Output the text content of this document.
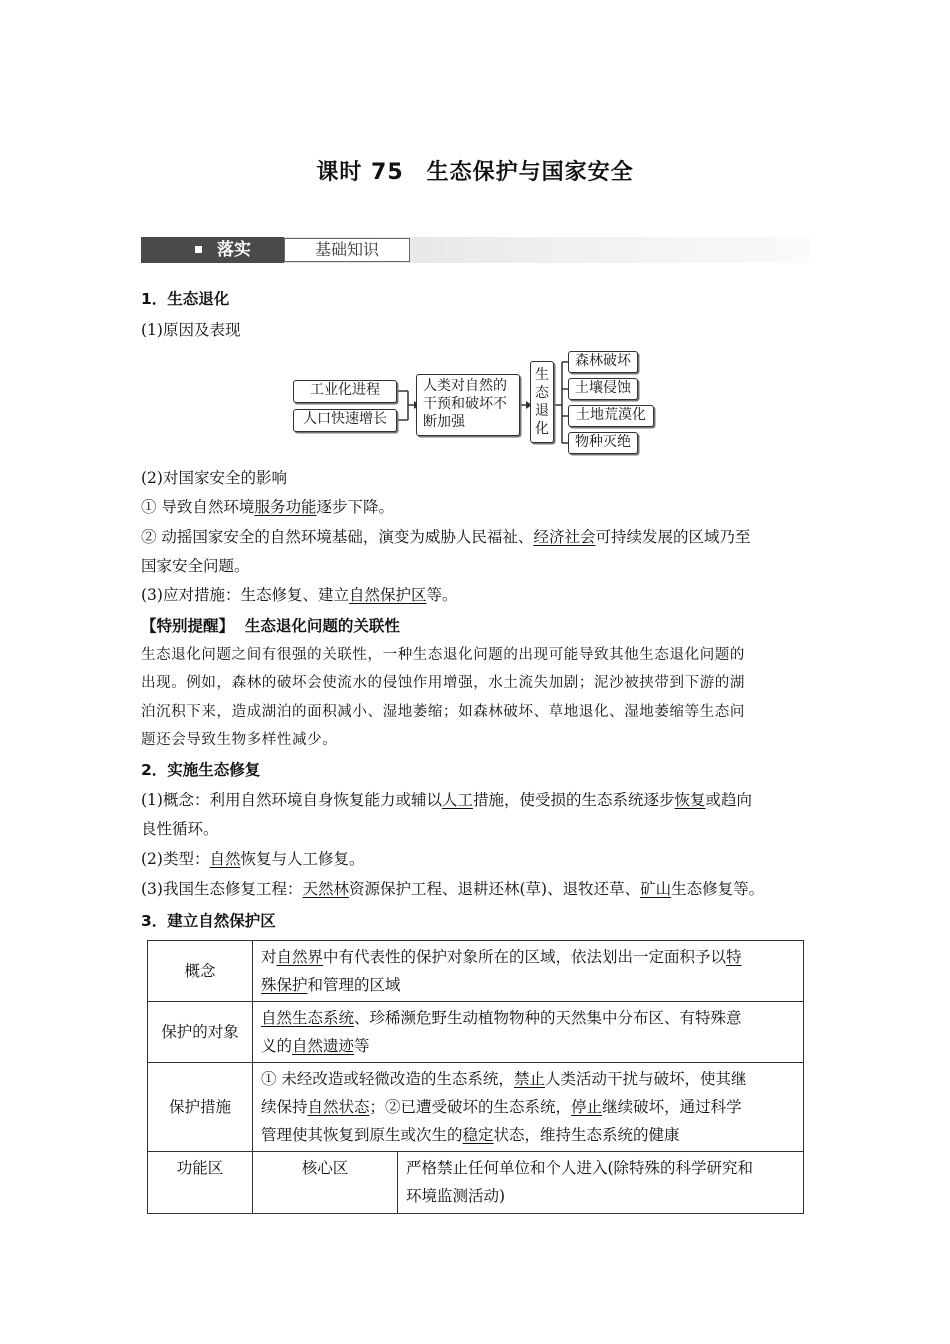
课时 75　生态保护与国家安全
落实	基础知识
1．生态退化
(1)原因及表现
工业化进程
人口快速增长
人类对自然的
干预和破坏不
断加强
生
态
退
化
森林破坏
土壤侵蚀
土地荒漠化
物种灭绝
(2)对国家安全的影响
① 导致自然环境服务功能逐步下降。
② 动摇国家安全的自然环境基础，演变为威胁人民福祉、经济社会可持续发展的区域乃至
国家安全问题。
(3)应对措施：生态修复、建立自然保护区等。
【特别提醒】 生态退化问题的关联性
生态退化问题之间有很强的关联性，一种生态退化问题的出现可能导致其他生态退化问题的
出现。例如，森林的破坏会使流水的侵蚀作用增强，水土流失加剧；泥沙被挟带到下游的湖
泊沉积下来，造成湖泊的面积减小、湿地萎缩；如森林破坏、草地退化、湿地萎缩等生态问
题还会导致生物多样性减少。
2．实施生态修复
(1)概念：利用自然环境自身恢复能力或辅以人工措施，使受损的生态系统逐步恢复或趋向
良性循环。
(2)类型：自然恢复与人工修复。
(3)我国生态修复工程：天然林资源保护工程、退耕还林(草)、退牧还草、矿山生态修复等。
3．建立自然保护区
概念	对自然界中有代表性的保护对象所在的区域，依法划出一定面积予以特
殊保护和管理的区域	
保护的对象	自然生态系统、珍稀濒危野生动植物物种的天然集中分布区、有特殊意
义的自然遗迹等	
保护措施	① 未经改造或轻微改造的生态系统，禁止人类活动干扰与破坏，使其继
续保持自然状态；②已遭受破坏的生态系统，停止继续破坏，通过科学
管理使其恢复到原生或次生的稳定状态，维持生态系统的健康	
功能区	核心区	严格禁止任何单位和个人进入(除特殊的科学研究和
环境监测活动)
